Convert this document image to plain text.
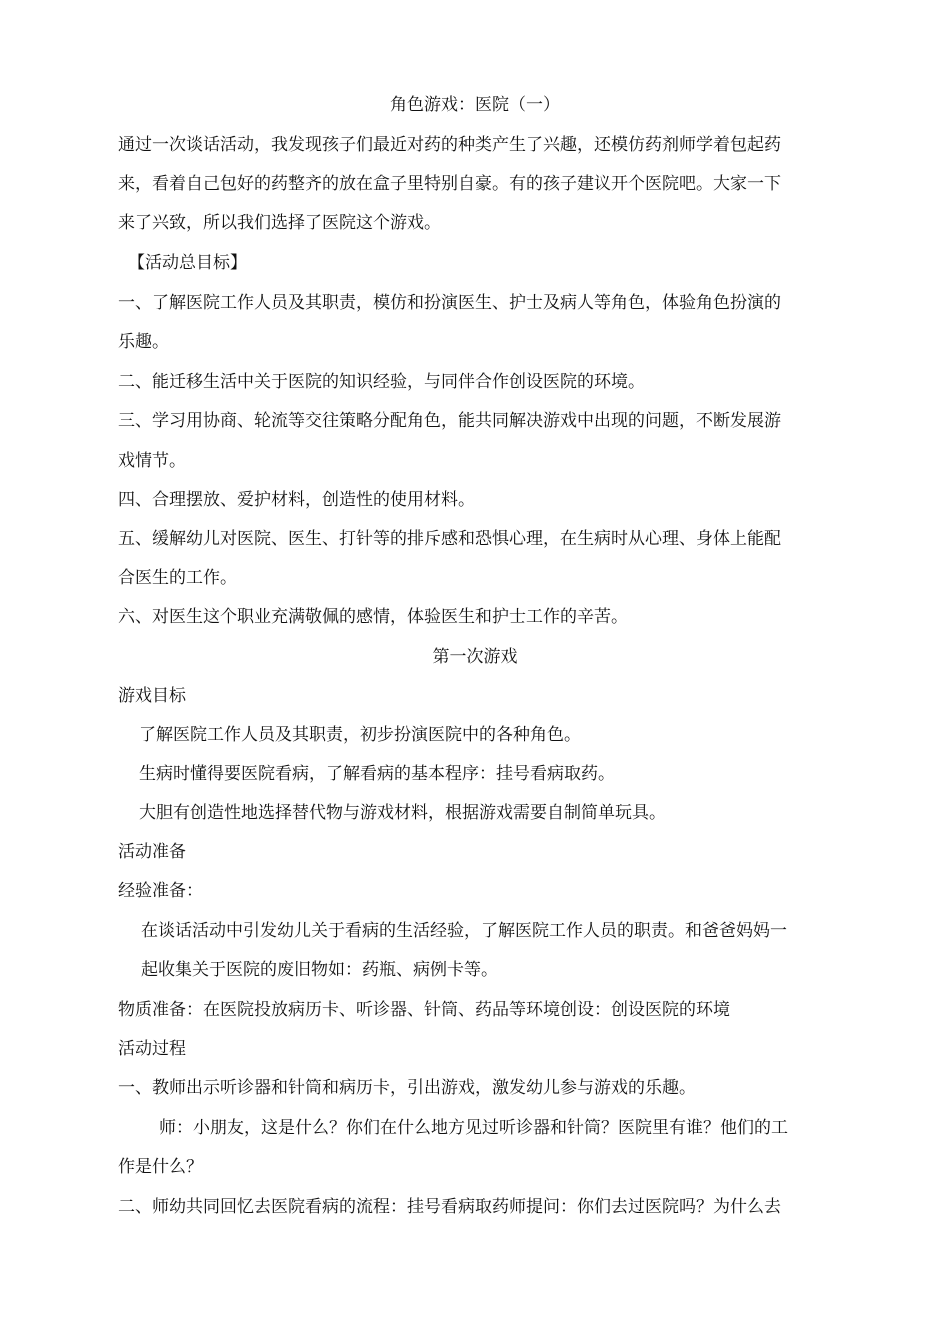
角色游戏：医院（一）
通过一次谈话活动，我发现孩子们最近对药的种类产生了兴趣，还模仿药剂师学着包起药
来，看着自己包好的药整齐的放在盒子里特别自豪。有的孩子建议开个医院吧。大家一下
来了兴致，所以我们选择了医院这个游戏。
【活动总目标】
一、了解医院工作人员及其职责，模仿和扮演医生、护士及病人等角色，体验角色扮演的
乐趣。
二、能迁移生活中关于医院的知识经验，与同伴合作创设医院的环境。
三、学习用协商、轮流等交往策略分配角色，能共同解决游戏中出现的问题，不断发展游
戏情节。
四、合理摆放、爱护材料，创造性的使用材料。
五、缓解幼儿对医院、医生、打针等的排斥感和恐惧心理，在生病时从心理、身体上能配
合医生的工作。
六、对医生这个职业充满敬佩的感情，体验医生和护士工作的辛苦。
第一次游戏
游戏目标
了解医院工作人员及其职责，初步扮演医院中的各种角色。
生病时懂得要医院看病，了解看病的基本程序：挂号看病取药。
大胆有创造性地选择替代物与游戏材料，根据游戏需要自制简单玩具。
活动准备
经验准备：
在谈话活动中引发幼儿关于看病的生活经验，了解医院工作人员的职责。和爸爸妈妈一
起收集关于医院的废旧物如：药瓶、病例卡等。
物质准备：在医院投放病历卡、听诊器、针筒、药品等环境创设：创设医院的环境
活动过程
一、教师出示听诊器和针筒和病历卡，引出游戏，激发幼儿参与游戏的乐趣。
师：小朋友，这是什么？你们在什么地方见过听诊器和针筒？医院里有谁？他们的工
作是什么？
二、师幼共同回忆去医院看病的流程：挂号看病取药师提问：你们去过医院吗？为什么去
